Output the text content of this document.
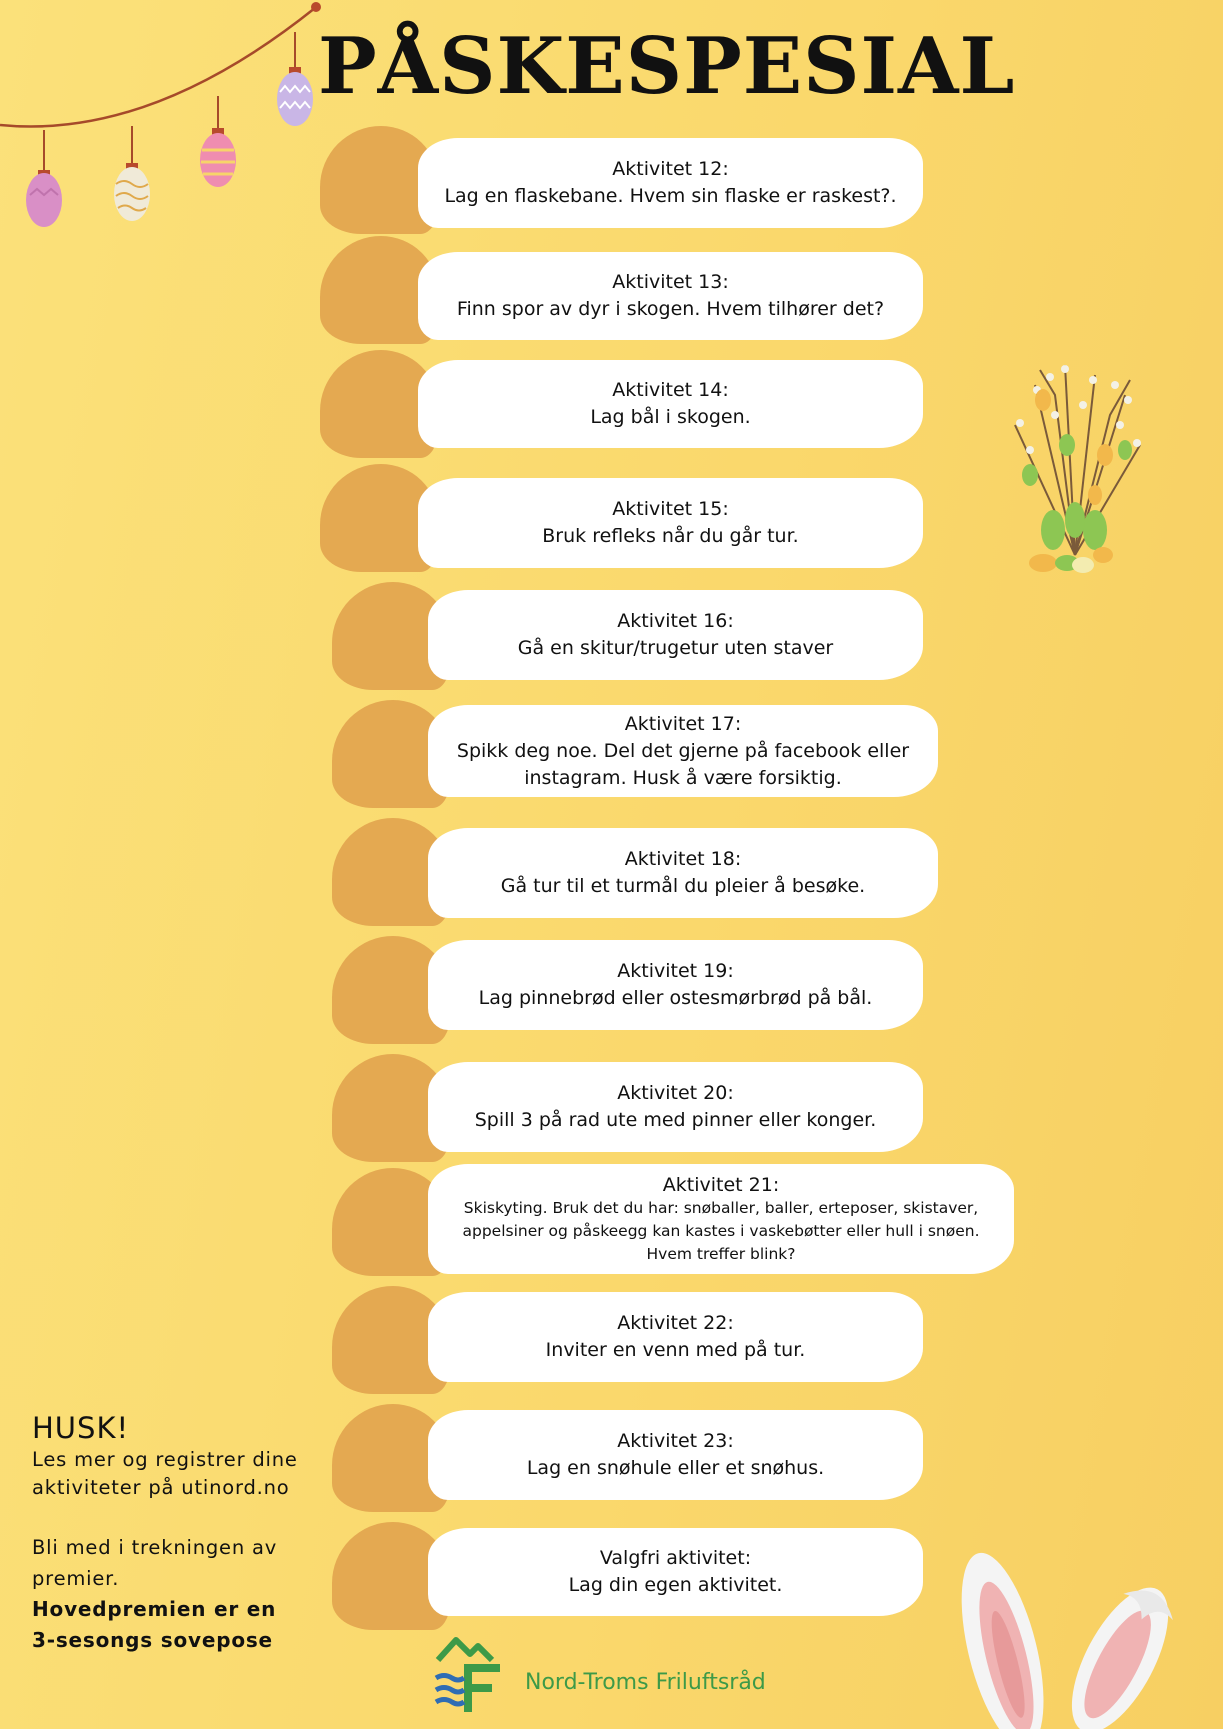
PÅSKESPESIAL
Aktivitet 12:
Lag en flaskebane. Hvem sin flaske er raskest?.
Aktivitet 13:
Finn spor av dyr i skogen. Hvem tilhører det?
Aktivitet 14:
Lag bål i skogen.
Aktivitet 15:
Bruk refleks når du går tur.
Aktivitet 16:
Gå en skitur/trugetur uten staver
Aktivitet 17:
Spikk deg noe. Del det gjerne på facebook eller
instagram. Husk å være forsiktig.
Aktivitet 18:
Gå tur til et turmål du pleier å besøke.
Aktivitet 19:
Lag pinnebrød eller ostesmørbrød på bål.
Aktivitet 20:
Spill 3 på rad ute med pinner eller konger.
Aktivitet 21:
Skiskyting. Bruk det du har: snøballer, baller, erteposer, skistaver,
appelsiner og påskeegg kan kastes i vaskebøtter eller hull i snøen.
Hvem treffer blink?
Aktivitet 22:
Inviter en venn med på tur.
Aktivitet 23:
Lag en snøhule eller et snøhus.
Valgfri aktivitet:
Lag din egen aktivitet.
HUSK!

Les mer og registrer dine

aktiviteter på utinord.no

Bli med i trekningen av

premier.

Hovedpremien er en
3-sesongs sovepose
Nord-Troms Friluftsråd
